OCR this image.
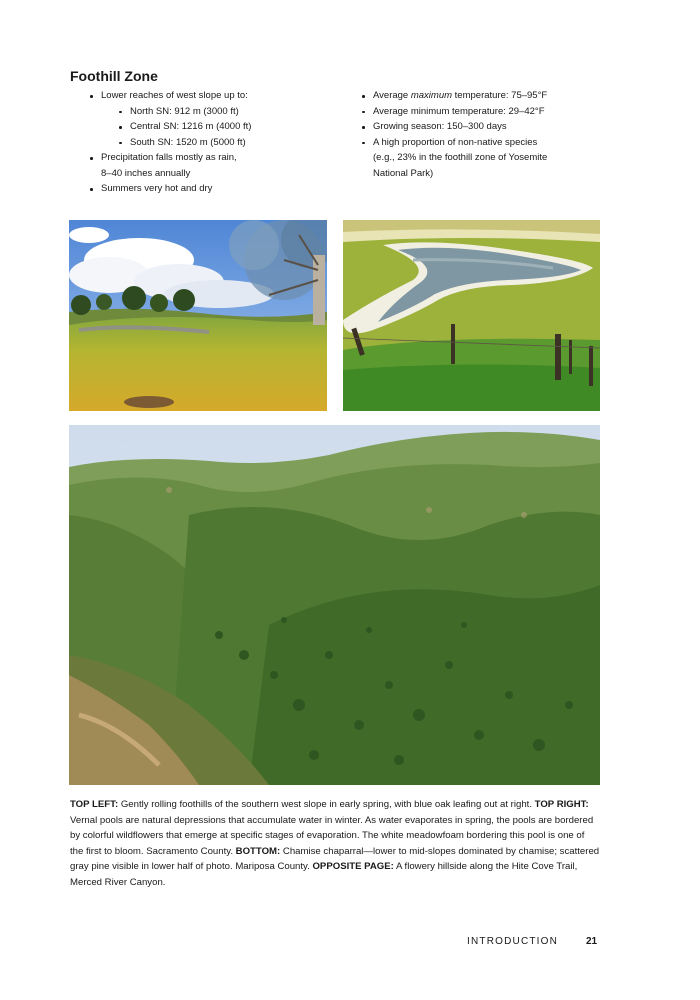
Foothill Zone
Lower reaches of west slope up to:
North SN: 912 m (3000 ft)
Central SN: 1216 m (4000 ft)
South SN: 1520 m (5000 ft)
Precipitation falls mostly as rain,
8–40 inches annually
Summers very hot and dry
Average maximum temperature: 75–95°F
Average minimum temperature: 29–42°F
Growing season: 150–300 days
A high proportion of non-native species
(e.g., 23% in the foothill zone of Yosemite
National Park)

TOP LEFT: Gently rolling foothills of the southern west slope in early spring, with blue oak leafing out at right. TOP RIGHT: Vernal pools are natural depressions that accumulate water in winter. As water evaporates in spring, the pools are bordered by colorful wildflowers that emerge at specific stages of evaporation. The white meadowfoam bordering this pool is one of the first to bloom. Sacramento County. BOTTOM: Chamise chaparral—lower to mid-slopes dominated by chamise; scattered gray pine visible in lower half of photo. Mariposa County. OPPOSITE PAGE: A flowery hillside along the Hite Cove Trail, Merced River Canyon.

INTRODUCTION	21
